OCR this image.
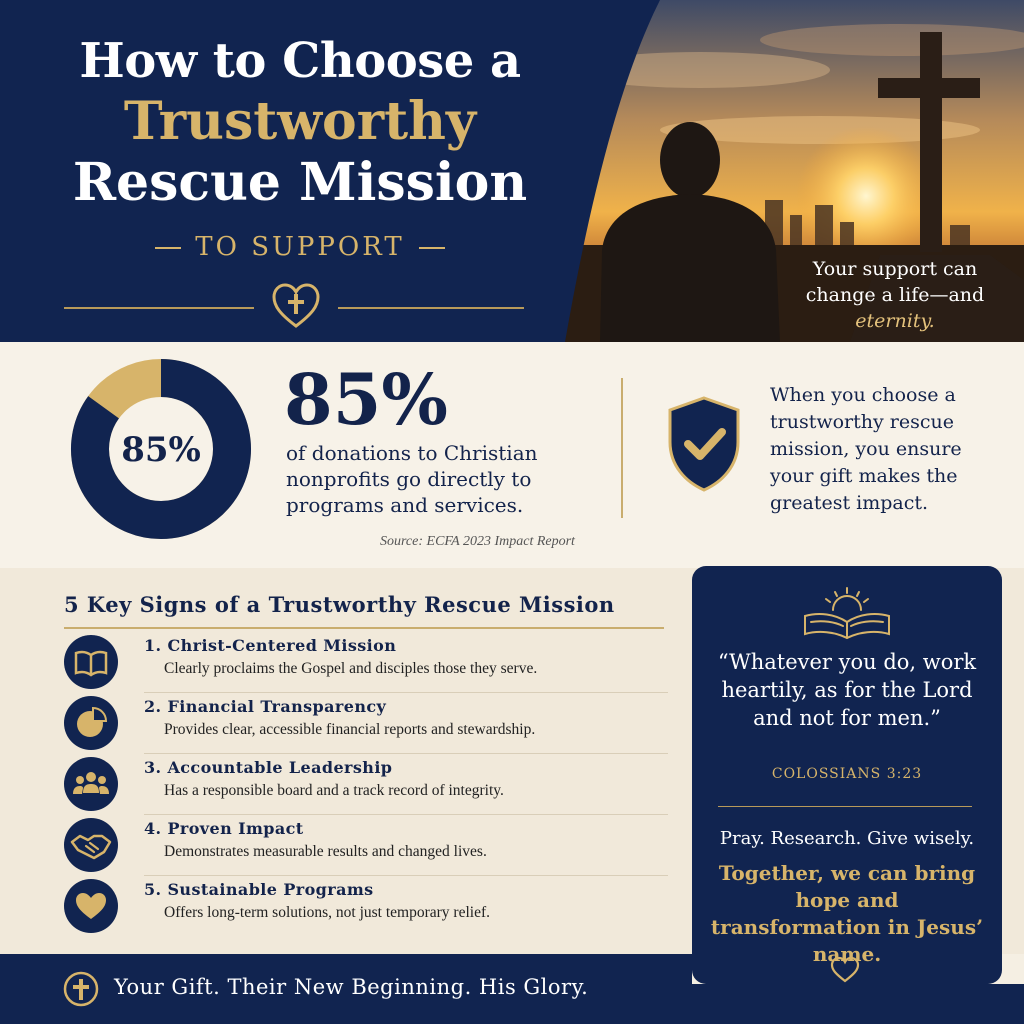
How to Choose a
Trustworthy
Rescue Mission
TO SUPPORT
Your support can change a life—and
eternity.
85%
85%
of donations to Christian nonprofits go directly to programs and services.
Source: ECFA 2023 Impact Report
When you choose a trustworthy rescue mission, you ensure your gift makes the greatest impact.
5 Key Signs of a Trustworthy Rescue Mission
1. Christ-Centered Mission
Clearly proclaims the Gospel and disciples those they serve.
2. Financial Transparency
Provides clear, accessible financial reports and stewardship.
3. Accountable Leadership
Has a responsible board and a track record of integrity.
4. Proven Impact
Demonstrates measurable results and changed lives.
5. Sustainable Programs
Offers long-term solutions, not just temporary relief.
“Whatever you do, work heartily, as for the Lord and not for men.”
COLOSSIANS 3:23
Pray. Research. Give wisely.
Together, we can bring hope and transformation in Jesus’ name.
Your Gift. Their New Beginning. His Glory.
